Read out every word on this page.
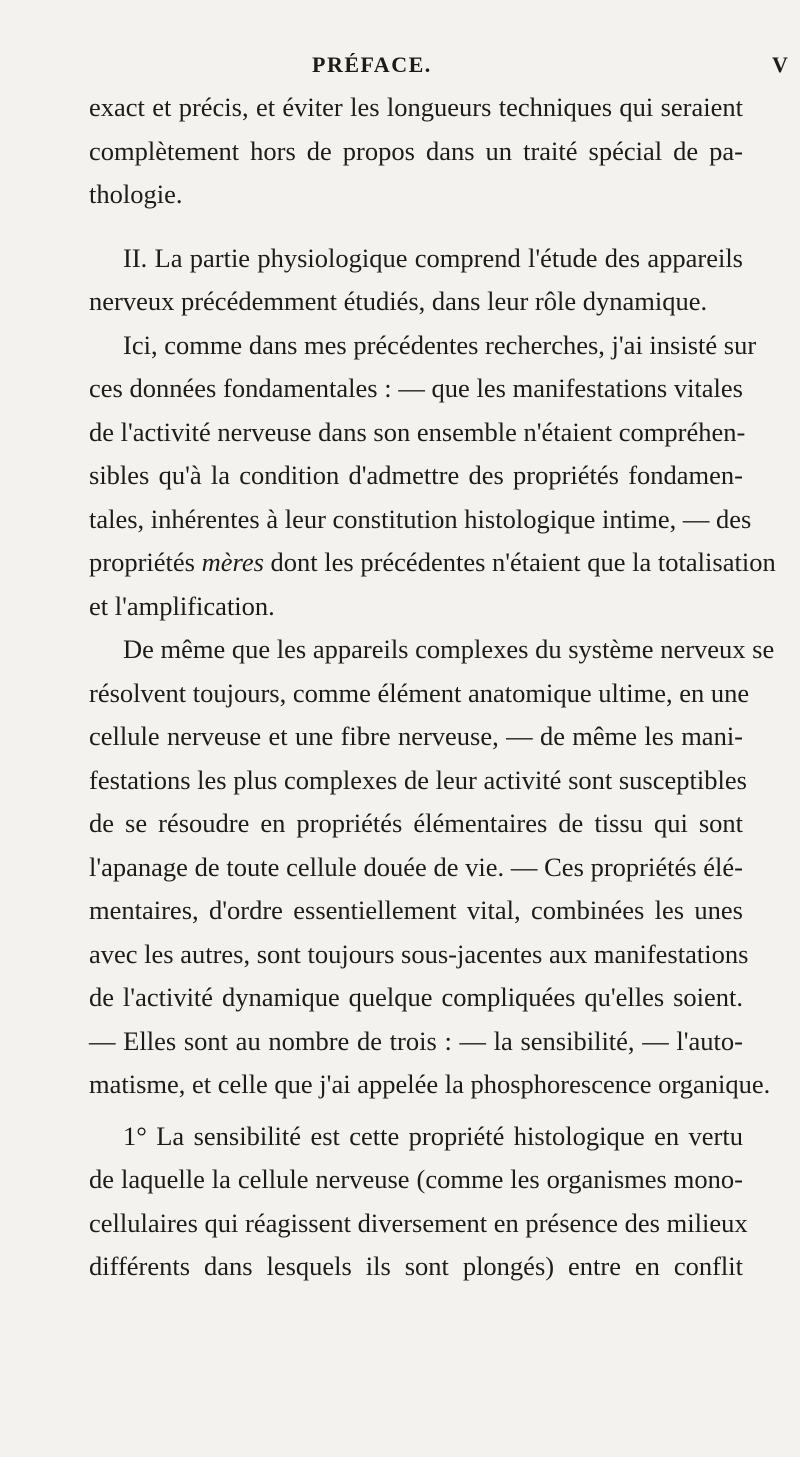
PRÉFACE.	V
exact et précis, et éviter les longueurs techniques qui seraient
complètement hors de propos dans un traité spécial de pa-
thologie.
II. La partie physiologique comprend l'étude des appareils
nerveux précédemment étudiés, dans leur rôle dynamique.
Ici, comme dans mes précédentes recherches, j'ai insisté sur
ces données fondamentales : — que les manifestations vitales
de l'activité nerveuse dans son ensemble n'étaient compréhen-
sibles qu'à la condition d'admettre des propriétés fondamen-
tales, inhérentes à leur constitution histologique intime, — des
propriétés mères dont les précédentes n'étaient que la totalisation
et l'amplification.
De même que les appareils complexes du système nerveux se
résolvent toujours, comme élément anatomique ultime, en une
cellule nerveuse et une fibre nerveuse, — de même les mani-
festations les plus complexes de leur activité sont susceptibles
de se résoudre en propriétés élémentaires de tissu qui sont
l'apanage de toute cellule douée de vie. — Ces propriétés élé-
mentaires, d'ordre essentiellement vital, combinées les unes
avec les autres, sont toujours sous-jacentes aux manifestations
de l'activité dynamique quelque compliquées qu'elles soient.
— Elles sont au nombre de trois : — la sensibilité, — l'auto-
matisme, et celle que j'ai appelée la phosphorescence organique.
1° La sensibilité est cette propriété histologique en vertu
de laquelle la cellule nerveuse (comme les organismes mono-
cellulaires qui réagissent diversement en présence des milieux
différents dans lesquels ils sont plongés) entre en conflit
